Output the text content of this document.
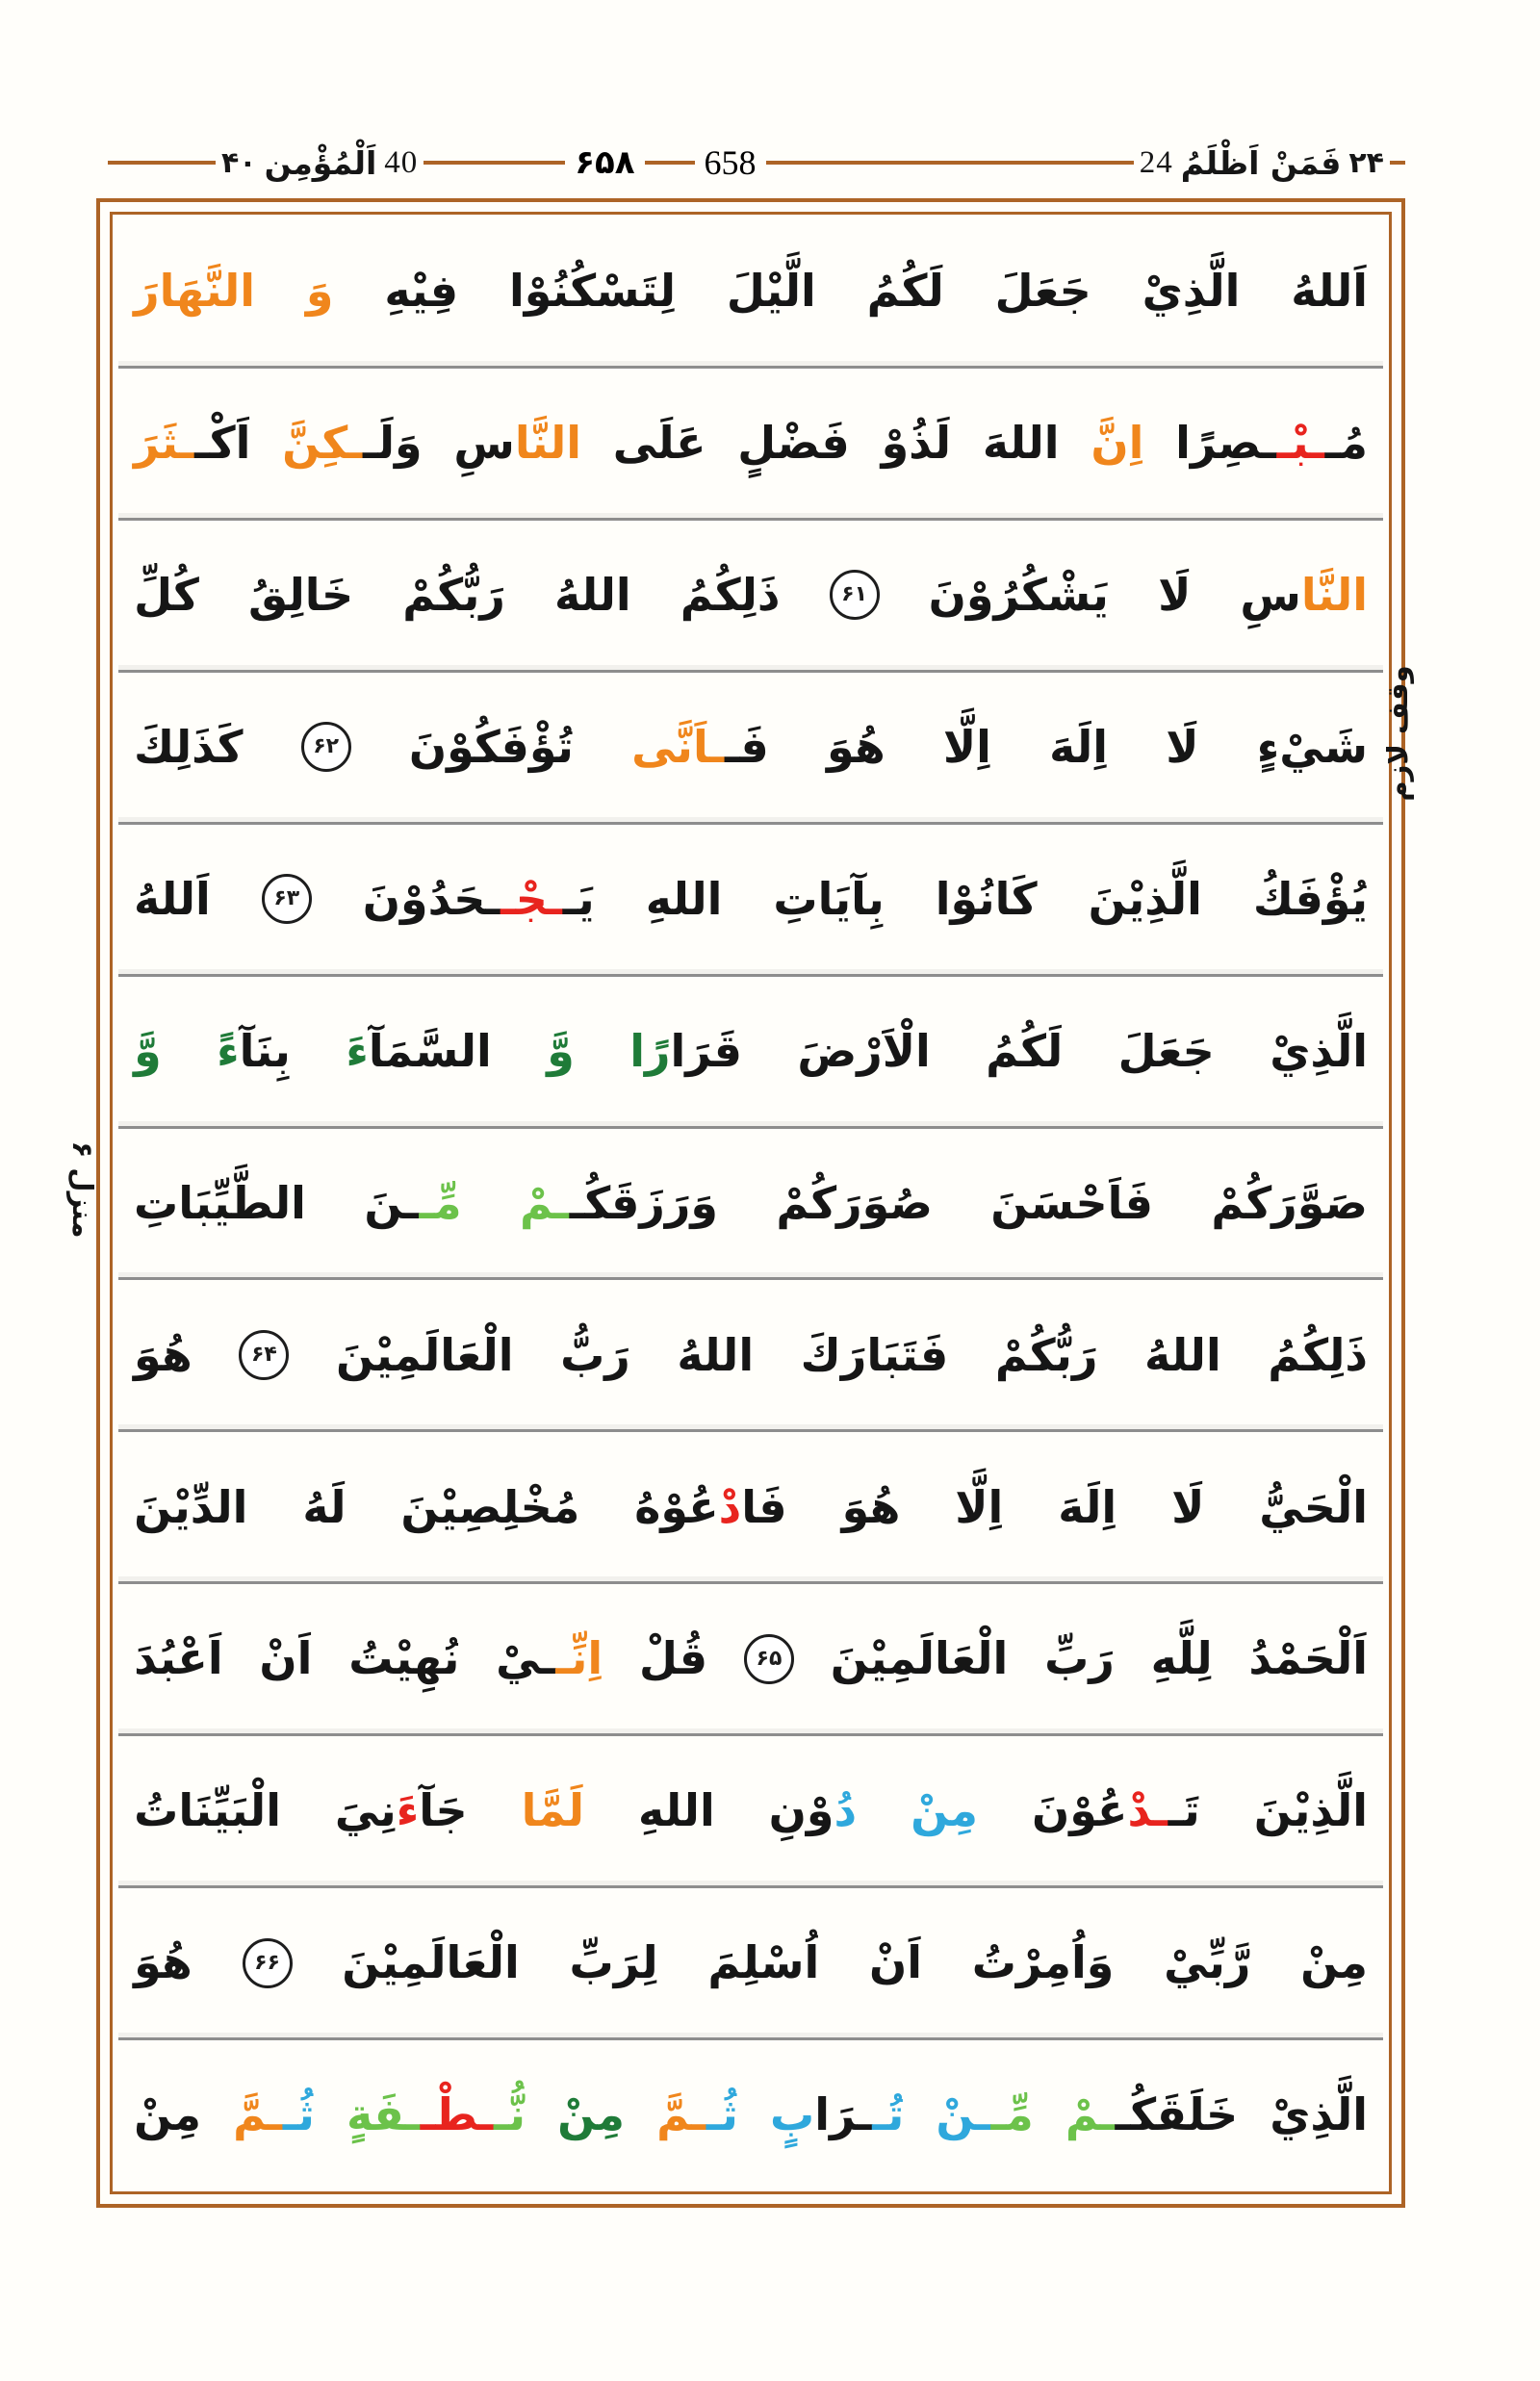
۴۰ اَلْمُؤْمِن 40	۶۵۸ 658	24 فَمَنْ اَظْلَمُ ۲۴
اَللهُ
الَّذِيْ
جَعَلَ
لَكُمُ
الَّيْلَ
لِتَسْكُنُوْا
فِيْهِ
وَ
النَّهَارَ
مُــبْــصِرًا
اِنَّ
اللهَ
لَذُوْ
فَضْلٍ
عَلَى
النَّاسِ
وَلَــكِنَّ
اَكْــثَرَ
النَّاسِ
لَا
يَشْكُرُوْنَ
۶۱
ذَلِكُمُ
اللهُ
رَبُّكُمْ
خَالِقُ
كُلِّ
شَيْءٍ
لَا
اِلَهَ
اِلَّا
هُوَ
فَــاَنَّى
تُؤْفَكُوْنَ
۶۲
كَذَلِكَ
يُؤْفَكُ
الَّذِيْنَ
كَانُوْا
بِآيَاتِ
اللهِ
يَــجْــحَدُوْنَ
۶۳
اَللهُ
الَّذِيْ
جَعَلَ
لَكُمُ
الْاَرْضَ
قَرَارًا
وَّ
السَّمَآءَ
بِنَآءً
وَّ
صَوَّرَكُمْ
فَاَحْسَنَ
صُوَرَكُمْ
وَرَزَقَكُــمْ
مِّــنَ
الطَّيِّبَاتِ
ذَلِكُمُ
اللهُ
رَبُّكُمْ
فَتَبَارَكَ
اللهُ
رَبُّ
الْعَالَمِيْنَ
۶۴
هُوَ
الْحَيُّ
لَا
اِلَهَ
اِلَّا
هُوَ
فَادْعُوْهُ
مُخْلِصِيْنَ
لَهُ
الدِّيْنَ
اَلْحَمْدُ
لِلَّهِ
رَبِّ
الْعَالَمِيْنَ
۶۵
قُلْ
اِنِّــيْ
نُهِيْتُ
اَنْ
اَعْبُدَ
الَّذِيْنَ
تَــدْعُوْنَ
مِنْ
دُوْنِ
اللهِ
لَمَّا
جَآءَنِيَ
الْبَيِّنَاتُ
مِنْ
رَّبِّيْ
وَاُمِرْتُ
اَنْ
اُسْلِمَ
لِرَبِّ
الْعَالَمِيْنَ
۶۶
هُوَ
الَّذِيْ
خَلَقَكُــمْ
مِّــنْ
تُــرَابٍ
ثُــمَّ
مِنْ
نُّــطْــفَةٍ
ثُــمَّ
مِنْ
وقف لازم
منزل ۶
